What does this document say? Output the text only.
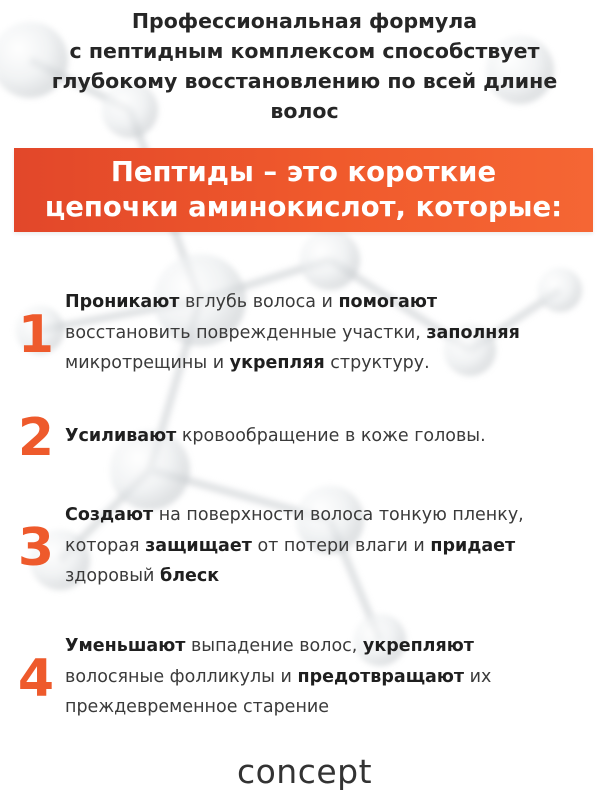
Профессиональная формула
с пептидным комплексом способствует
глубокому восстановлению по всей длине
волос
Пептиды – это короткие
цепочки аминокислот, которые:
1
Проникают вглубь волоса и помогают
восстановить поврежденные участки, заполняя
микротрещины и укрепляя структуру.
2 Усиливают кровообращение в коже головы.
3
Создают на поверхности волоса тонкую пленку,
которая защищает от потери влаги и придает
здоровый блеск
4
Уменьшают выпадение волос, укрепляют
волосяные фолликулы и предотвращают их
преждевременное старение
concept
